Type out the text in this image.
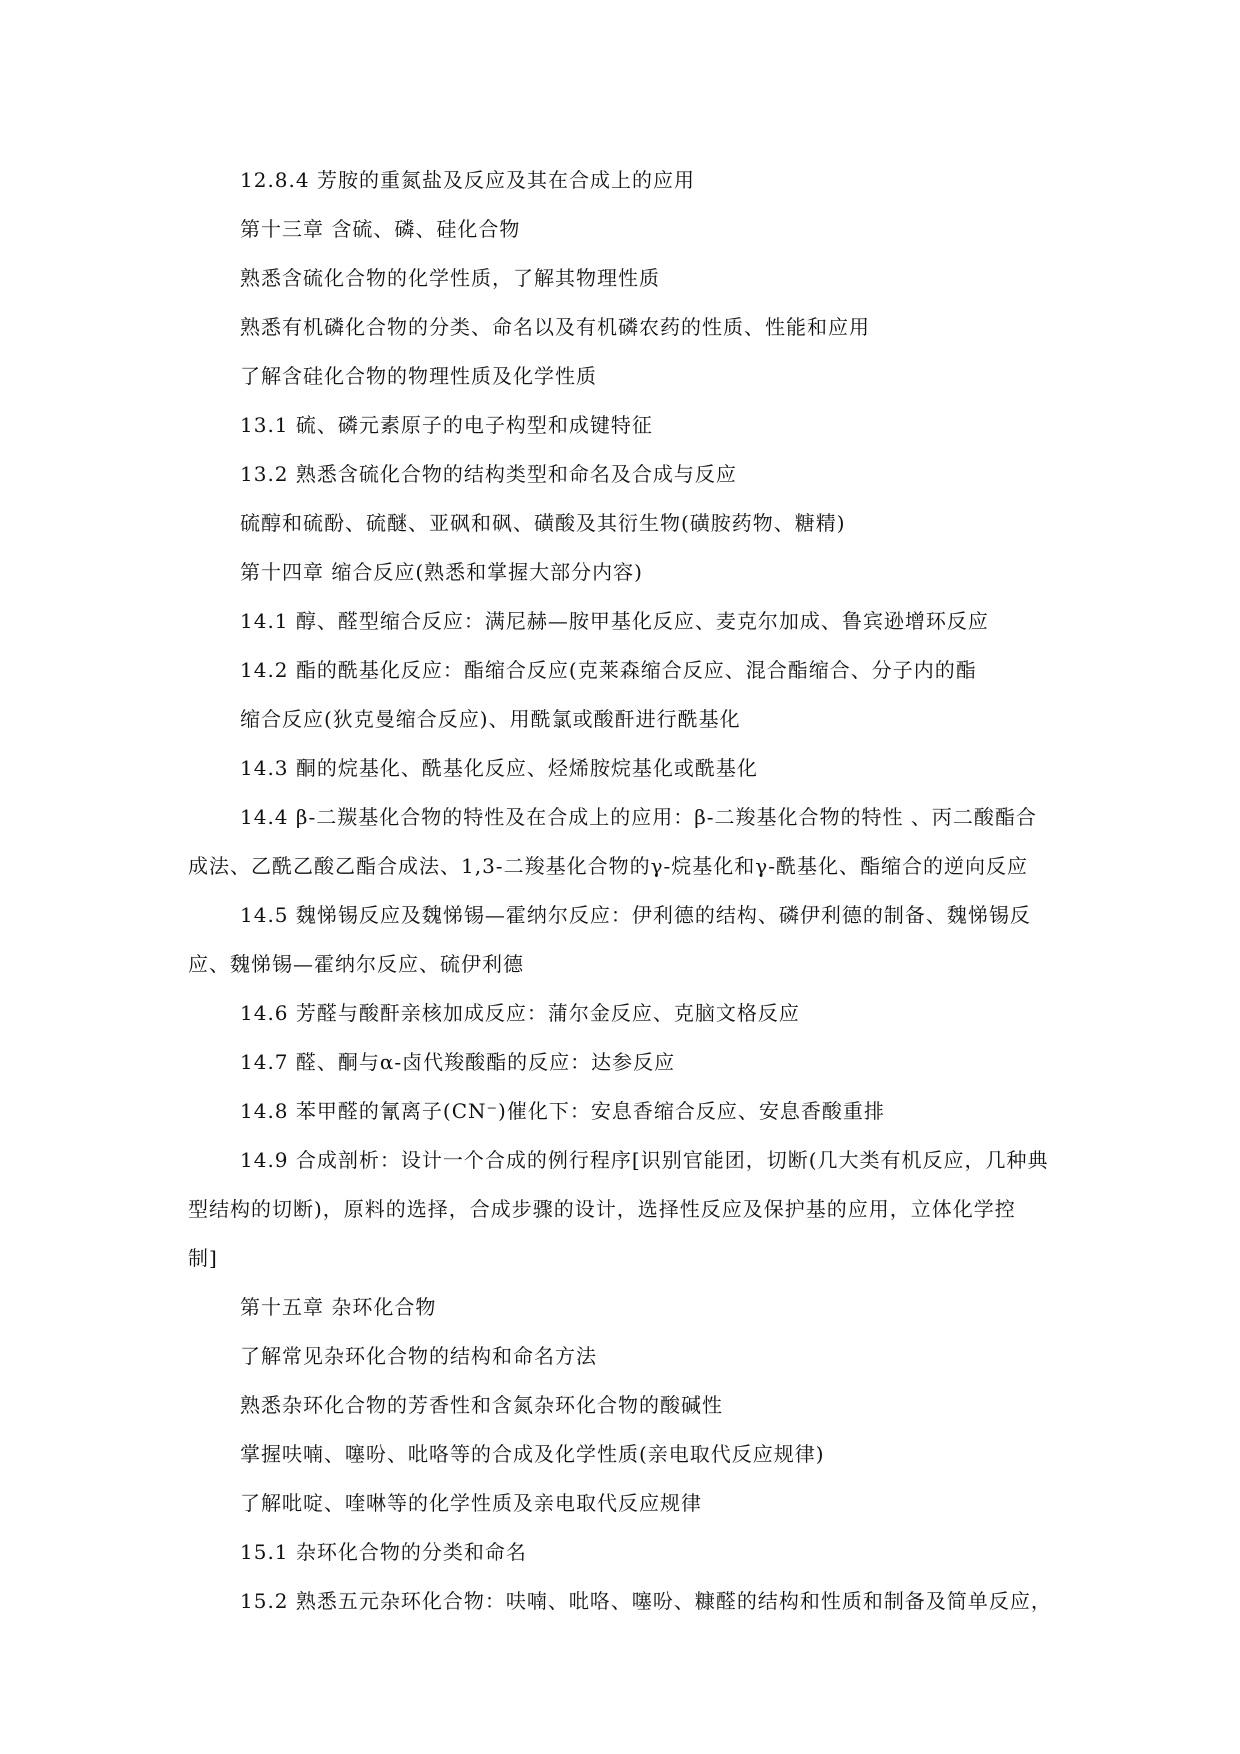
12.8.4 芳胺的重氮盐及反应及其在合成上的应用

第十三章 含硫、磷、硅化合物

熟悉含硫化合物的化学性质，了解其物理性质

熟悉有机磷化合物的分类、命名以及有机磷农药的性质、性能和应用

了解含硅化合物的物理性质及化学性质

13.1 硫、磷元素原子的电子构型和成键特征

13.2 熟悉含硫化合物的结构类型和命名及合成与反应

硫醇和硫酚、硫醚、亚砜和砜、磺酸及其衍生物(磺胺药物、糖精)

第十四章 缩合反应(熟悉和掌握大部分内容)

14.1 醇、醛型缩合反应：满尼赫—胺甲基化反应、麦克尔加成、鲁宾逊增环反应

14.2 酯的酰基化反应：酯缩合反应(克莱森缩合反应、混合酯缩合、分子内的酯

缩合反应(狄克曼缩合反应)、用酰氯或酸酐进行酰基化

14.3 酮的烷基化、酰基化反应、烃烯胺烷基化或酰基化

14.4 β-二羰基化合物的特性及在合成上的应用：β-二羧基化合物的特性 、丙二酸酯合
成法、乙酰乙酸乙酯合成法、1,3-二羧基化合物的γ-烷基化和γ-酰基化、酯缩合的逆向反应
14.5 魏悌锡反应及魏悌锡—霍纳尔反应：伊利德的结构、磷伊利德的制备、魏悌锡反
应、魏悌锡—霍纳尔反应、硫伊利德

14.6 芳醛与酸酐亲核加成反应：蒲尔金反应、克脑文格反应

14.7 醛、酮与α-卤代羧酸酯的反应：达参反应

14.8 苯甲醛的氰离子(CN⁻)催化下：安息香缩合反应、安息香酸重排

14.9 合成剖析：设计一个合成的例行程序[识别官能团，切断(几大类有机反应，几种典
型结构的切断)，原料的选择，合成步骤的设计，选择性反应及保护基的应用，立体化学控
制]

第十五章 杂环化合物

了解常见杂环化合物的结构和命名方法

熟悉杂环化合物的芳香性和含氮杂环化合物的酸碱性

掌握呋喃、噻吩、吡咯等的合成及化学性质(亲电取代反应规律)

了解吡啶、喹啉等的化学性质及亲电取代反应规律

15.1 杂环化合物的分类和命名

15.2 熟悉五元杂环化合物：呋喃、吡咯、噻吩、糠醛的结构和性质和制备及简单反应，
